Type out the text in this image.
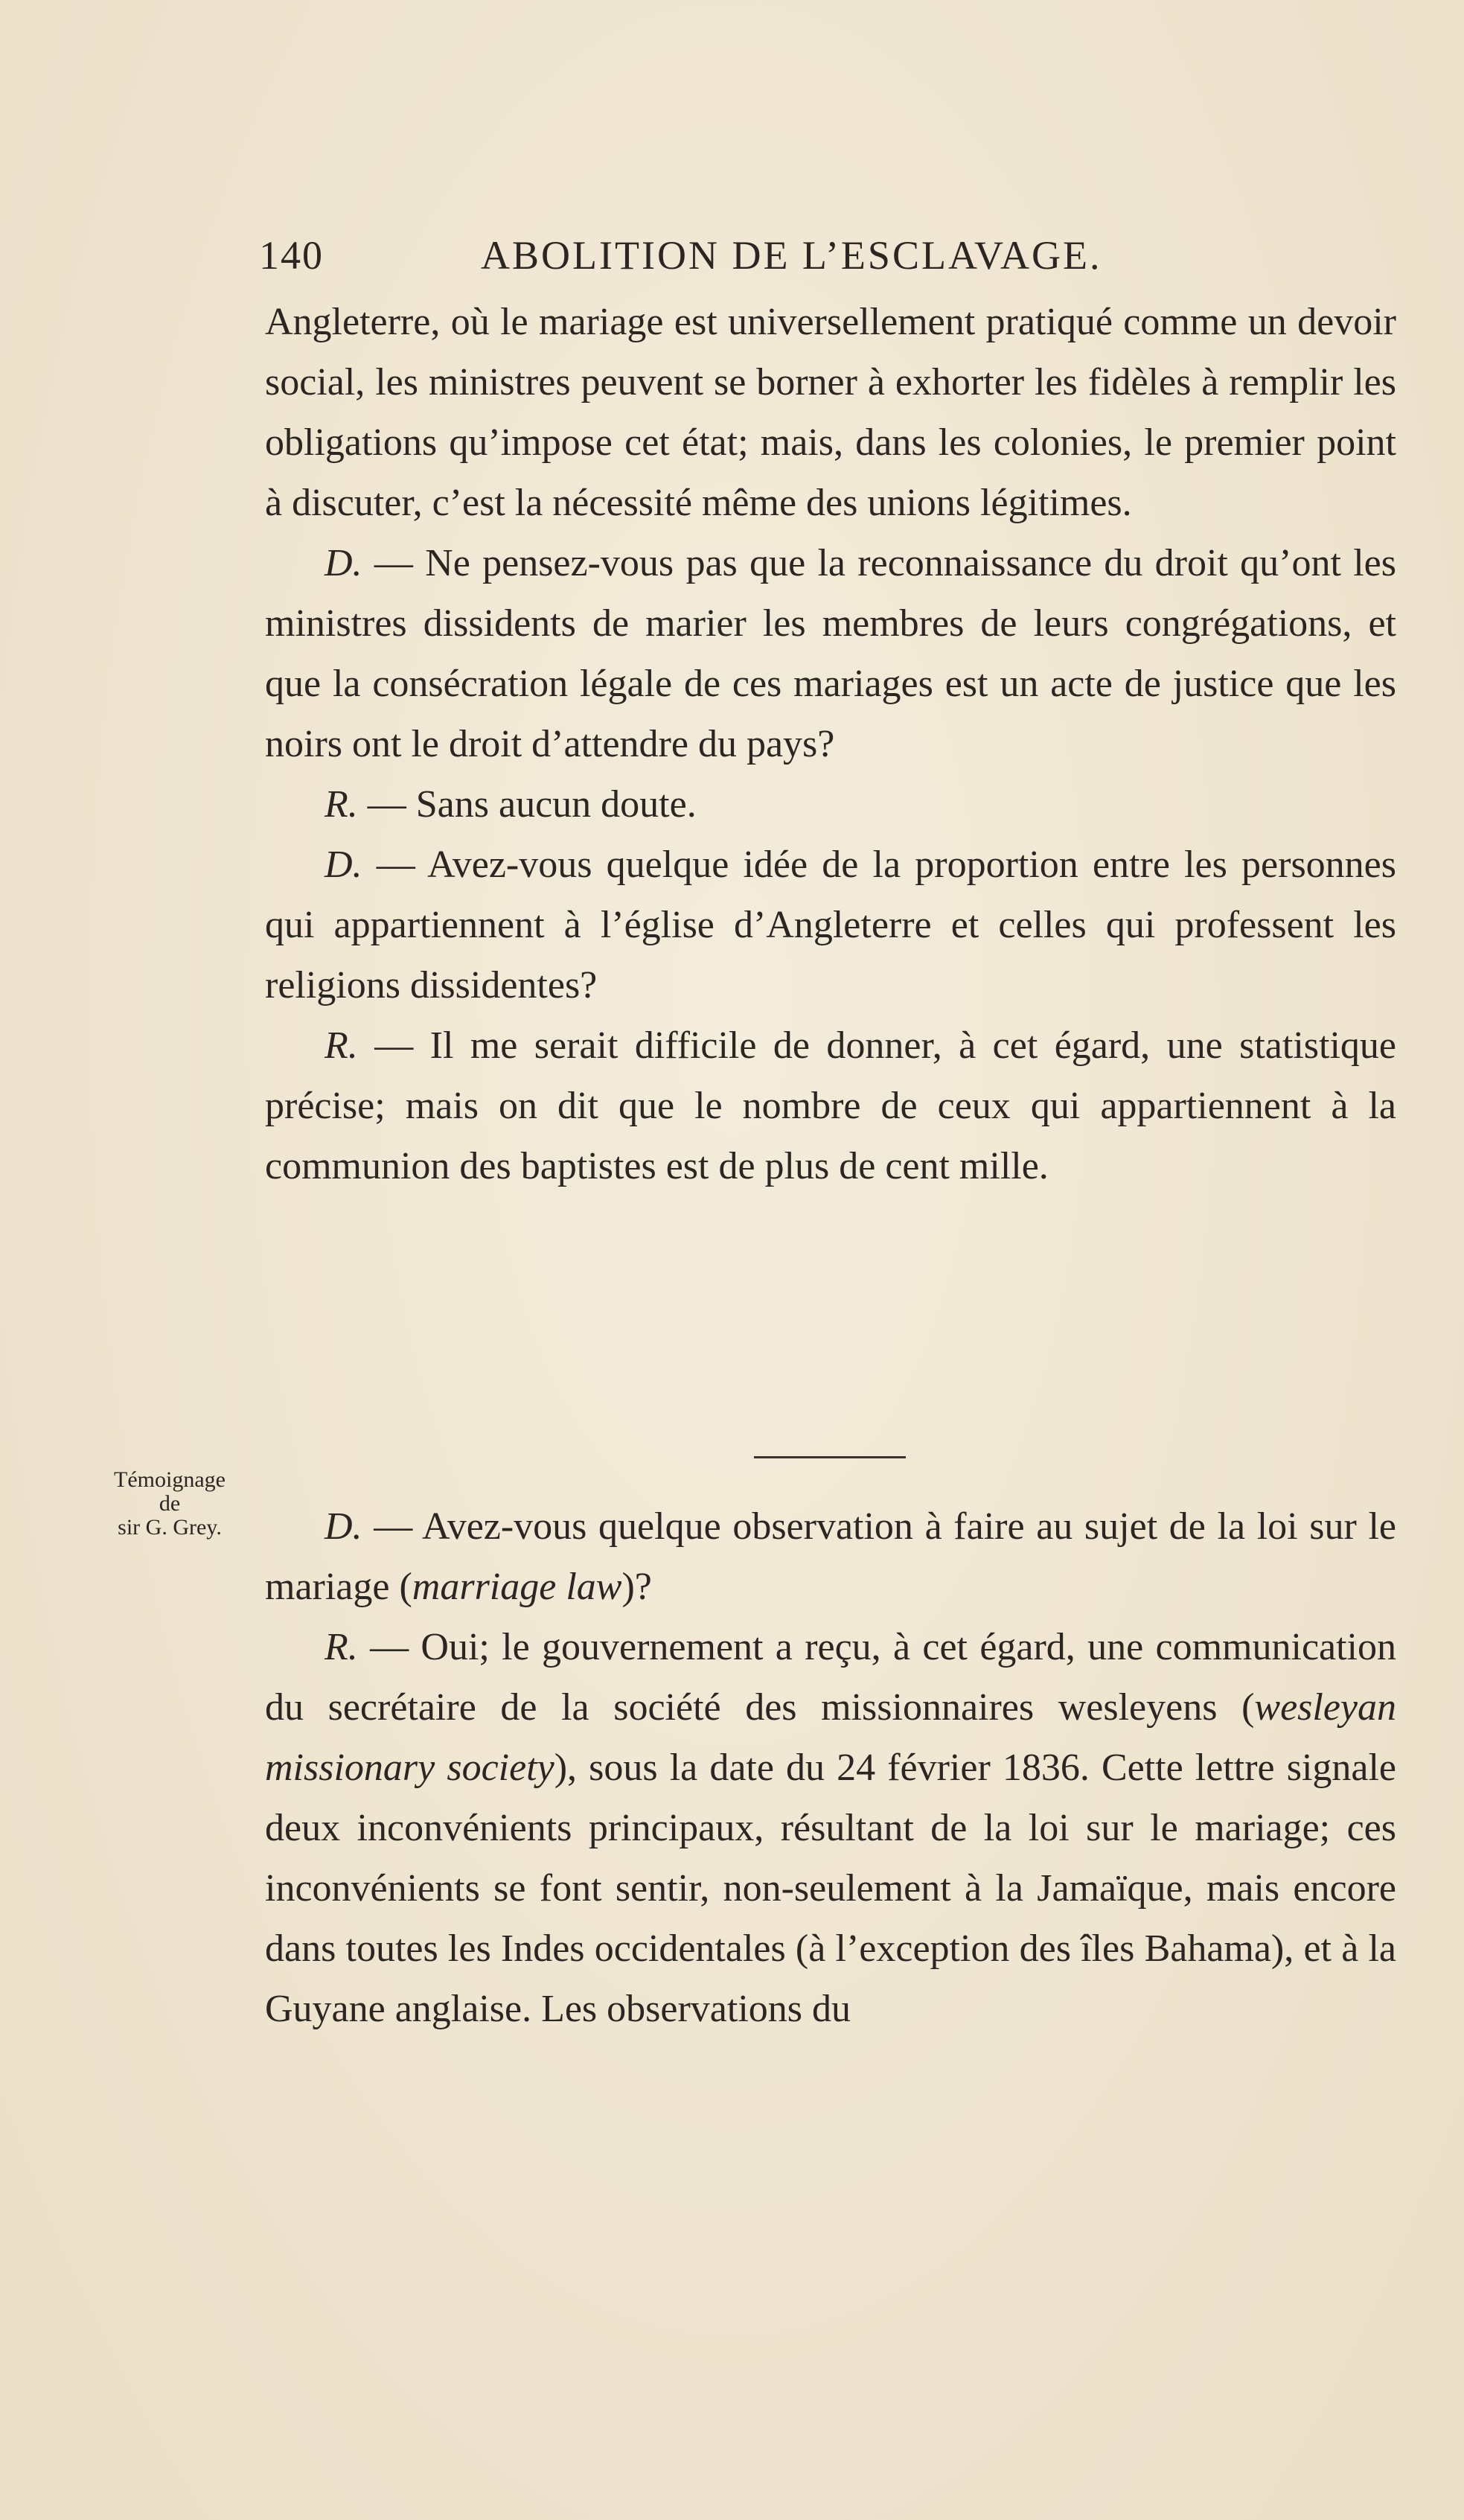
140	ABOLITION DE L’ESCLAVAGE.

Angleterre, où le mariage est universellement pratiqué comme un devoir social, les ministres peuvent se borner à exhorter les fidèles à remplir les obligations qu’impose cet état; mais, dans les colonies, le premier point à discuter, c’est la nécessité même des unions légitimes.

D. — Ne pensez-vous pas que la reconnaissance du droit qu’ont les ministres dissidents de marier les membres de leurs congrégations, et que la consécration légale de ces mariages est un acte de justice que les noirs ont le droit d’attendre du pays?

R. — Sans aucun doute.

D. — Avez-vous quelque idée de la proportion entre les personnes qui appartiennent à l’église d’Angleterre et celles qui professent les religions dissidentes?

R. — Il me serait difficile de donner, à cet égard, une statistique précise; mais on dit que le nombre de ceux qui appartiennent à la communion des baptistes est de plus de cent mille.

Témoignage
de
sir G. Grey.	D. — Avez-vous quelque observation à faire au sujet de la loi sur le mariage (marriage law)?

R. — Oui; le gouvernement a reçu, à cet égard, une communication du secrétaire de la société des missionnaires wesleyens (wesleyan missionary society), sous la date du 24 février 1836. Cette lettre signale deux inconvénients principaux, résultant de la loi sur le mariage; ces inconvénients se font sentir, non-seulement à la Jamaïque, mais encore dans toutes les Indes occidentales (à l’exception des îles Bahama), et à la Guyane anglaise. Les observations du
